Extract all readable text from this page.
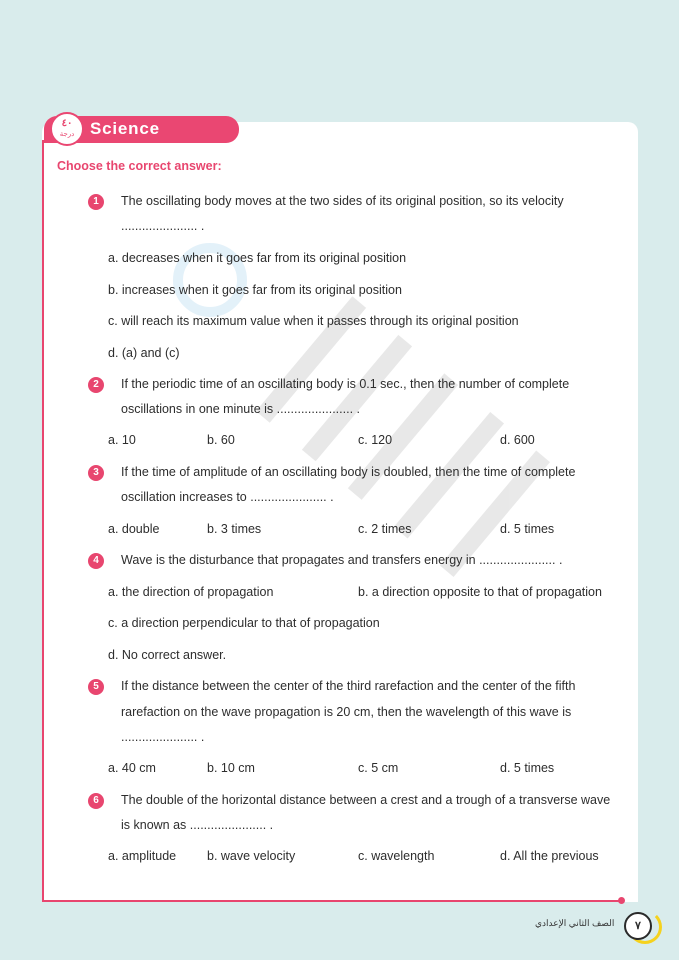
Science
٤٠
درجة
Choose the correct answer:
1	The oscillating body moves at the two sides of its original position, so its velocity
...................... .
a. decreases when it goes far from its original position
b. increases when it goes far from its original position
c. will reach its maximum value when it passes through its original position
d. (a) and (c)
2	If the periodic time of an oscillating body is 0.1 sec., then the number of complete
oscillations in one minute is ...................... .
a. 10	b. 60	c. 120	d. 600
3	If the time of amplitude of an oscillating body is doubled, then the time of complete
oscillation increases to ...................... .
a. double	b. 3 times	c. 2 times	d. 5 times
4	Wave is the disturbance that propagates and transfers energy in ...................... .
a. the direction of propagation	b. a direction opposite to that of propagation
c. a direction perpendicular to that of propagation
d. No correct answer.
5	If the distance between the center of the third rarefaction and the center of the fifth
rarefaction on the wave propagation is 20 cm, then the wavelength of this wave is
...................... .
a. 40 cm	b. 10 cm	c. 5 cm	d. 5 times
6	The double of the horizontal distance between a crest and a trough of a transverse wave
is known as ...................... .
a. amplitude b. wave velocity	c. wavelength	d. All the previous
الصف الثاني الإعدادي	٧
